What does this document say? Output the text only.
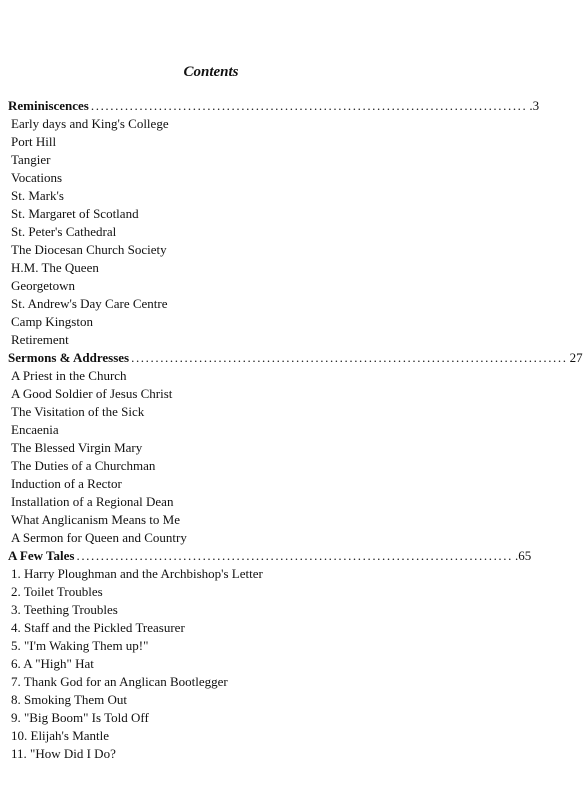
Contents
Reminiscences .......................................................................................... .3
Early days and King's College
Port Hill
Tangier
Vocations
St. Mark's
St. Margaret of Scotland
St. Peter's Cathedral
The Diocesan Church Society
H.M. The Queen
Georgetown
St. Andrew's Day Care Centre
Camp Kingston
Retirement
Sermons & Addresses .......................................................................................... 27
A Priest in the Church
A Good Soldier of Jesus Christ
The Visitation of the Sick
Encaenia
The Blessed Virgin Mary
The Duties of a Churchman
Induction of a Rector
Installation of a Regional Dean
What Anglicanism Means to Me
A Sermon for Queen and Country
A Few Tales .......................................................................................... .65
1. Harry Ploughman and the Archbishop's Letter
2. Toilet Troubles
3. Teething Troubles
4. Staff and the Pickled Treasurer
5. "I'm Waking Them up!"
6. A "High" Hat
7. Thank God for an Anglican Bootlegger
8. Smoking Them Out
9. "Big Boom" Is Told Off
10. Elijah's Mantle
11. "How Did I Do?
